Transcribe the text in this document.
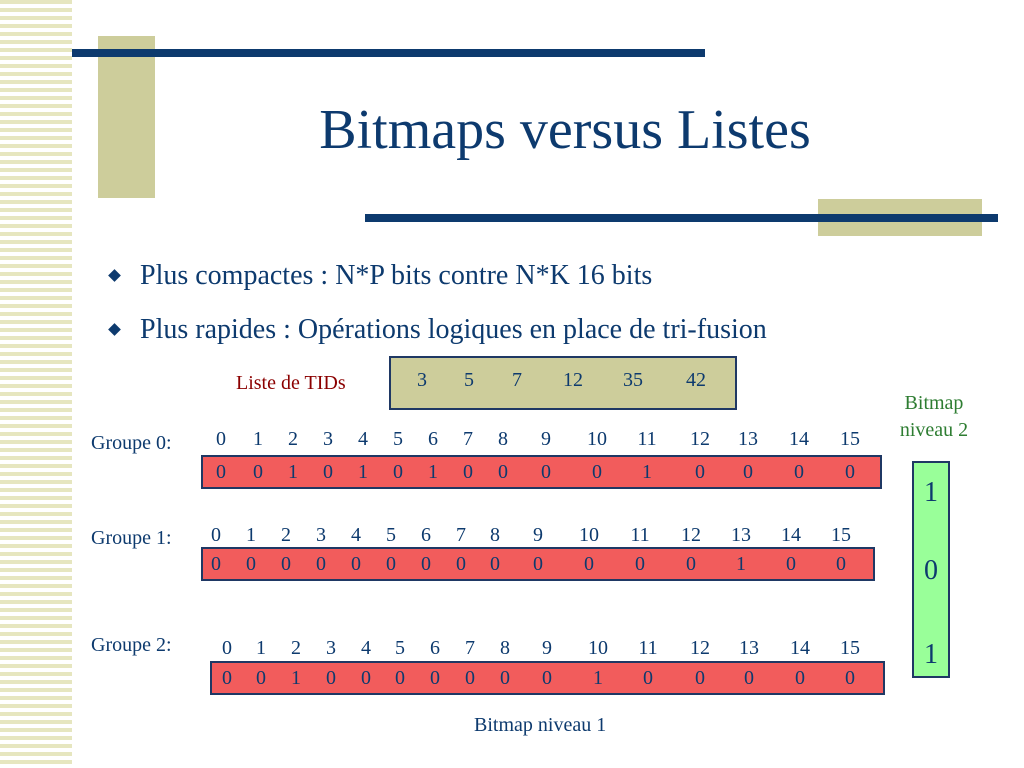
Bitmaps versus Listes
Plus compactes : N*P bits contre N*K 16 bits
Plus rapides : Opérations logiques en place de tri-fusion
Liste de TIDs	3 5 7 12 35 42
Groupe 0:
Groupe 1:
Groupe 2:
0 1 2 3 4 5 6 7 8 9 10 11 12 13 14 15
0 0 1 0 1 0 1 0 0 0 0 1 0 0 0 0
0 1 2 3 4 5 6 7 8 9 10 11 12 13 14 15
0 0 0 0 0 0 0 0 0 0 0 0 0 1 0 0
0 1 2 3 4 5 6 7 8 9 10 11 12 13 14 15
0 0 1 0 0 0 0 0 0 0 1 0 0 0 0 0
Bitmap niveau 2
1
0
1
Bitmap niveau 1
